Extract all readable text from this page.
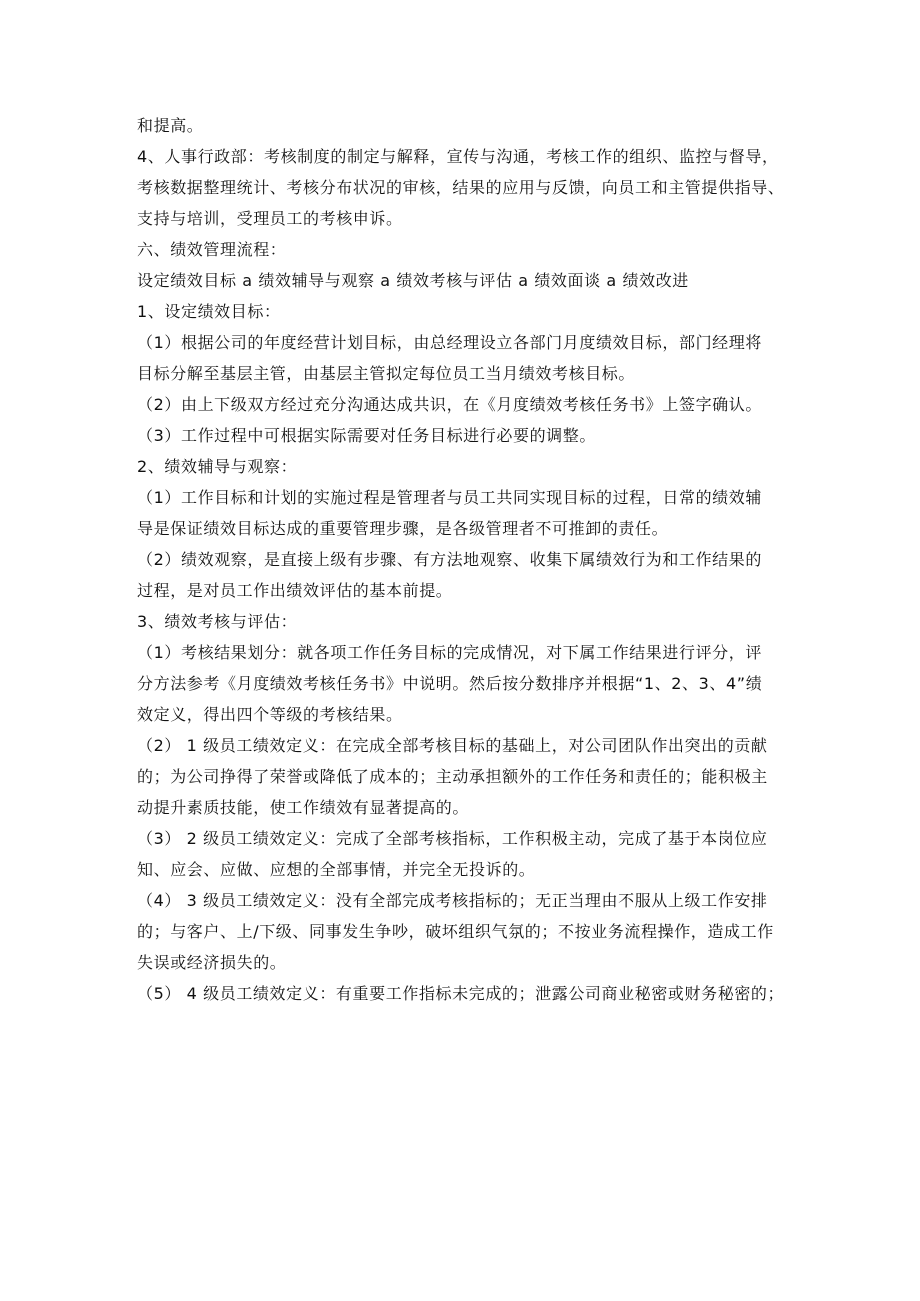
和提高。
4、人事行政部：考核制度的制定与解释，宣传与沟通，考核工作的组织、监控与督导，
考核数据整理统计、考核分布状况的审核，结果的应用与反馈，向员工和主管提供指导、
支持与培训，受理员工的考核申诉。
六、绩效管理流程：
设定绩效目标 a 绩效辅导与观察 a 绩效考核与评估 a 绩效面谈 a 绩效改进
1、设定绩效目标：
（1）根据公司的年度经营计划目标，由总经理设立各部门月度绩效目标，部门经理将
目标分解至基层主管，由基层主管拟定每位员工当月绩效考核目标。
（2）由上下级双方经过充分沟通达成共识，在《月度绩效考核任务书》上签字确认。
（3）工作过程中可根据实际需要对任务目标进行必要的调整。
2、绩效辅导与观察：
（1）工作目标和计划的实施过程是管理者与员工共同实现目标的过程，日常的绩效辅
导是保证绩效目标达成的重要管理步骤，是各级管理者不可推卸的责任。
（2）绩效观察，是直接上级有步骤、有方法地观察、收集下属绩效行为和工作结果的
过程，是对员工作出绩效评估的基本前提。
3、绩效考核与评估：
（1）考核结果划分：就各项工作任务目标的完成情况，对下属工作结果进行评分，评
分方法参考《月度绩效考核任务书》中说明。然后按分数排序并根据“1、2、3、4”绩
效定义，得出四个等级的考核结果。
（2） 1 级员工绩效定义：在完成全部考核目标的基础上，对公司团队作出突出的贡献
的；为公司挣得了荣誉或降低了成本的；主动承担额外的工作任务和责任的；能积极主
动提升素质技能，使工作绩效有显著提高的。
（3） 2 级员工绩效定义：完成了全部考核指标，工作积极主动，完成了基于本岗位应
知、应会、应做、应想的全部事情，并完全无投诉的。
（4） 3 级员工绩效定义：没有全部完成考核指标的；无正当理由不服从上级工作安排
的；与客户、上/下级、同事发生争吵，破坏组织气氛的；不按业务流程操作，造成工作
失误或经济损失的。
（5） 4 级员工绩效定义：有重要工作指标未完成的；泄露公司商业秘密或财务秘密的；
